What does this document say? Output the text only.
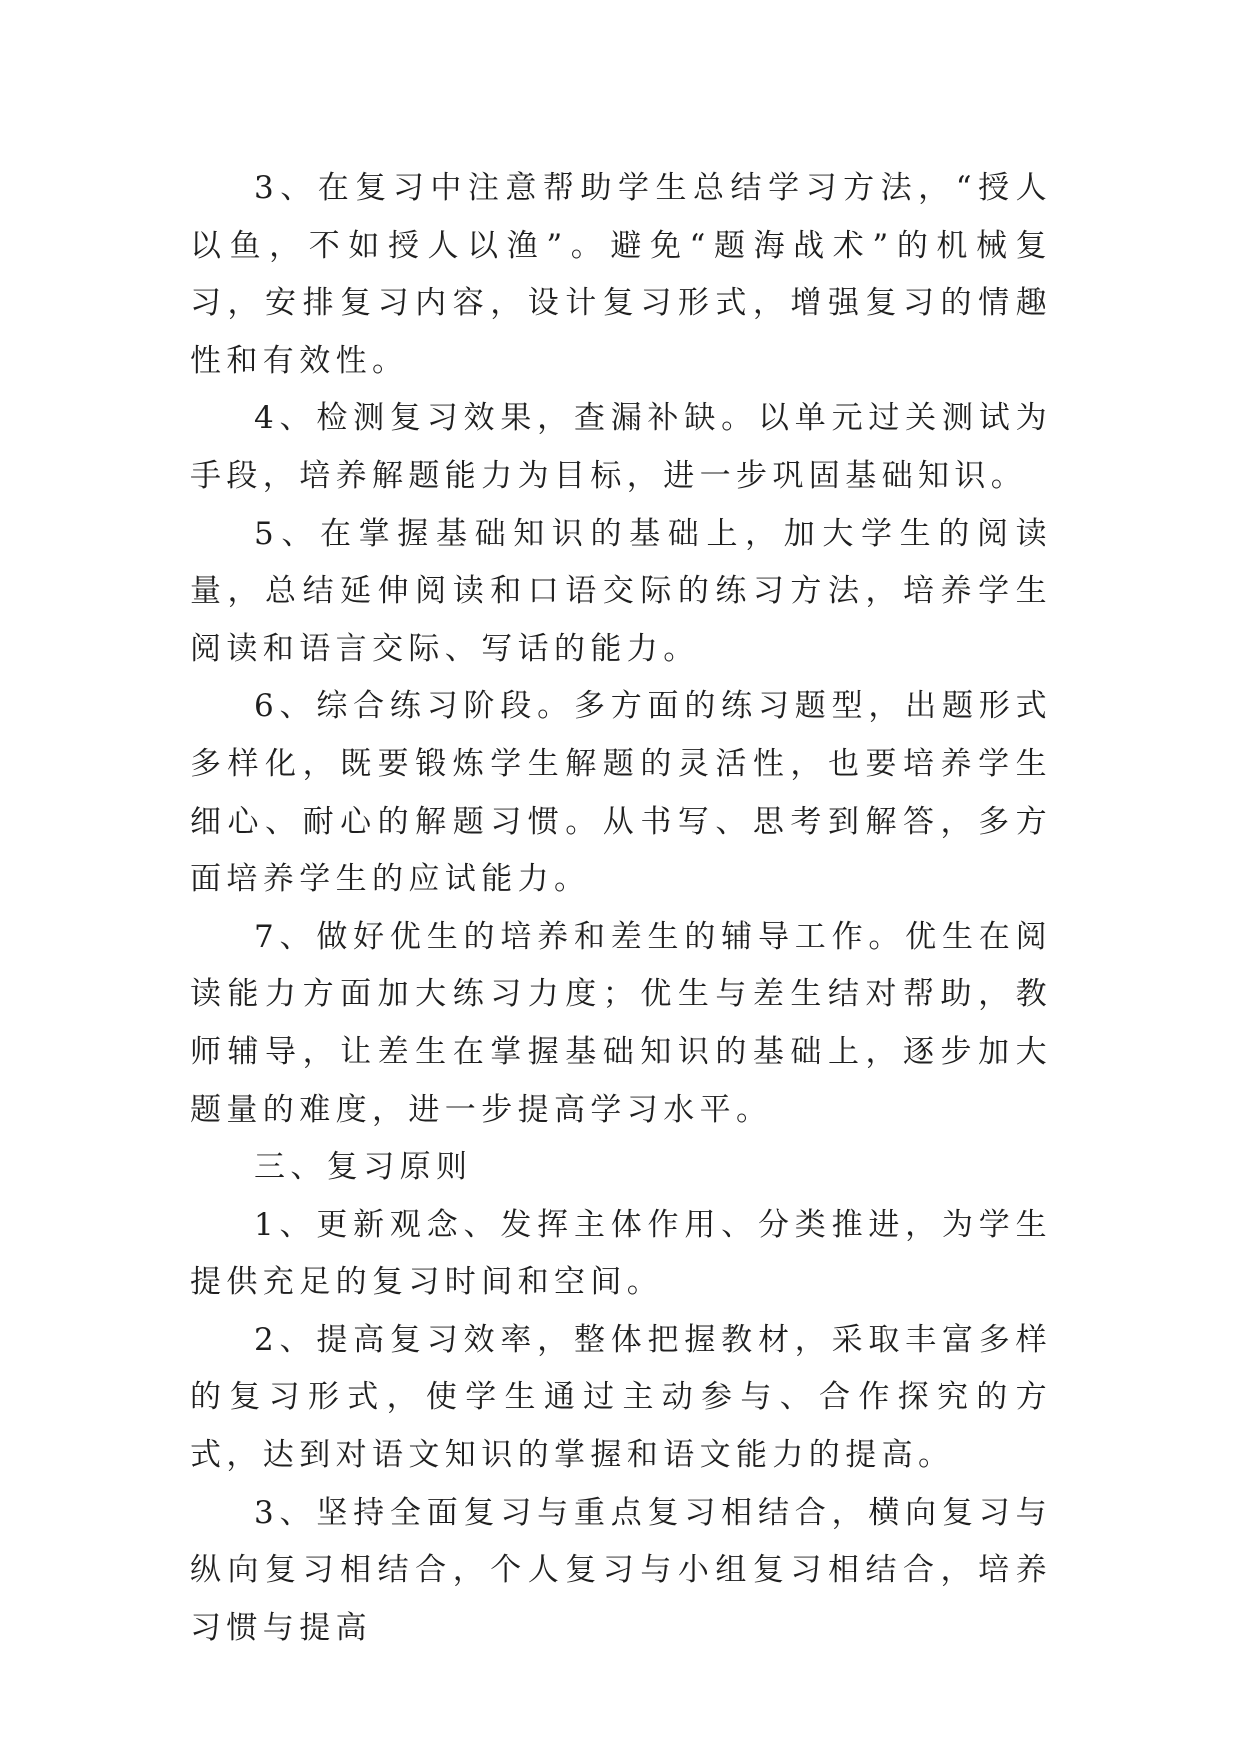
3、在复习中注意帮助学生总结学习方法，“授人以鱼，不如授人以渔”。避免“题海战术”的机械复习，安排复习内容，设计复习形式，增强复习的情趣性和有效性。

4、检测复习效果，查漏补缺。以单元过关测试为手段，培养解题能力为目标，进一步巩固基础知识。

5、在掌握基础知识的基础上，加大学生的阅读量，总结延伸阅读和口语交际的练习方法，培养学生阅读和语言交际、写话的能力。

6、综合练习阶段。多方面的练习题型，出题形式多样化，既要锻炼学生解题的灵活性，也要培养学生细心、耐心的解题习惯。从书写、思考到解答，多方面培养学生的应试能力。

7、做好优生的培养和差生的辅导工作。优生在阅读能力方面加大练习力度；优生与差生结对帮助，教师辅导，让差生在掌握基础知识的基础上，逐步加大题量的难度，进一步提高学习水平。

三、复习原则

1、更新观念、发挥主体作用、分类推进，为学生提供充足的复习时间和空间。

2、提高复习效率，整体把握教材，采取丰富多样的复习形式，使学生通过主动参与、合作探究的方式，达到对语文知识的掌握和语文能力的提高。

3、坚持全面复习与重点复习相结合，横向复习与纵向复习相结合，个人复习与小组复习相结合，培养习惯与提高
